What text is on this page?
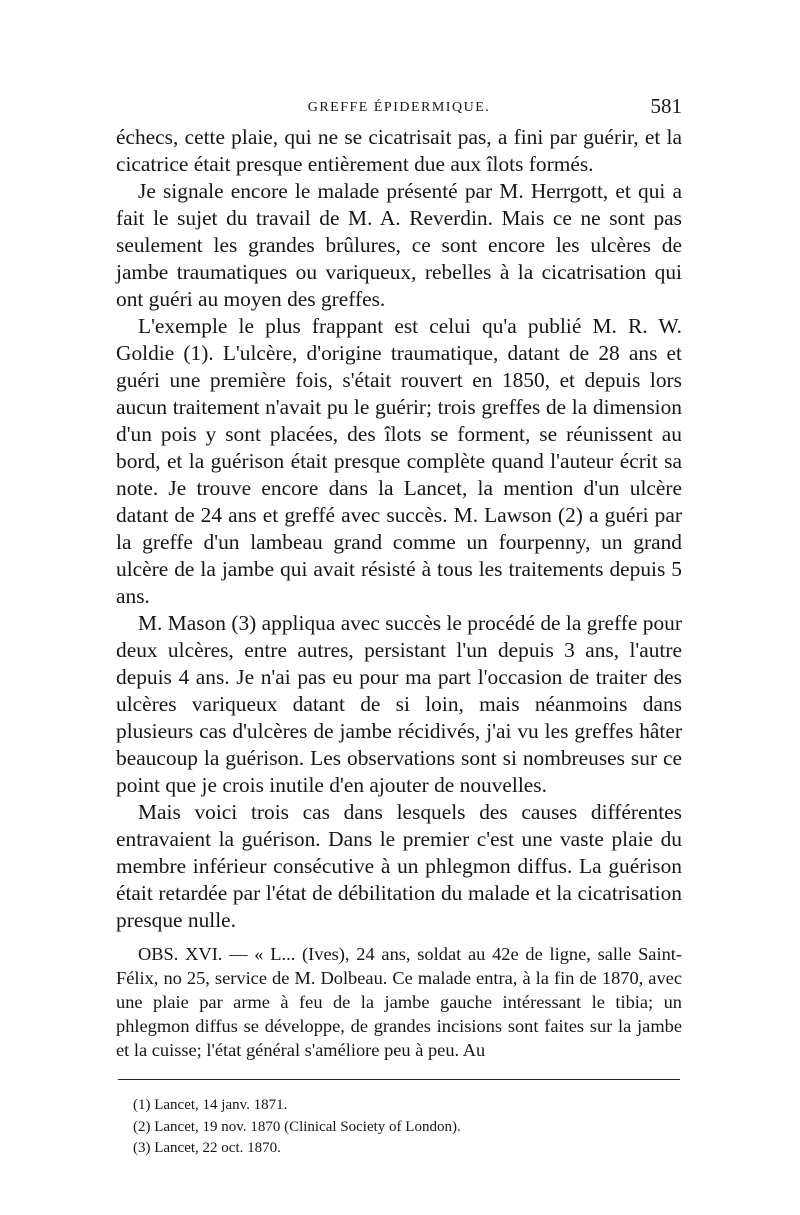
GREFFE ÉPIDERMIQUE.	581

échecs, cette plaie, qui ne se cicatrisait pas, a fini par guérir, et la cicatrice était presque entièrement due aux îlots formés.

Je signale encore le malade présenté par M. Herrgott, et qui a fait le sujet du travail de M. A. Reverdin. Mais ce ne sont pas seulement les grandes brûlures, ce sont encore les ulcères de jambe traumatiques ou variqueux, rebelles à la cicatrisation qui ont guéri au moyen des greffes.

L'exemple le plus frappant est celui qu'a publié M. R. W. Goldie (1). L'ulcère, d'origine traumatique, datant de 28 ans et guéri une première fois, s'était rouvert en 1850, et depuis lors aucun traitement n'avait pu le guérir; trois greffes de la dimension d'un pois y sont placées, des îlots se forment, se réunissent au bord, et la guérison était presque complète quand l'auteur écrit sa note. Je trouve encore dans la Lancet, la mention d'un ulcère datant de 24 ans et greffé avec succès. M. Lawson (2) a guéri par la greffe d'un lambeau grand comme un fourpenny, un grand ulcère de la jambe qui avait résisté à tous les traitements depuis 5 ans.

M. Mason (3) appliqua avec succès le procédé de la greffe pour deux ulcères, entre autres, persistant l'un depuis 3 ans, l'autre depuis 4 ans. Je n'ai pas eu pour ma part l'occasion de traiter des ulcères variqueux datant de si loin, mais néanmoins dans plusieurs cas d'ulcères de jambe récidivés, j'ai vu les greffes hâter beaucoup la guérison. Les observations sont si nombreuses sur ce point que je crois inutile d'en ajouter de nouvelles.

Mais voici trois cas dans lesquels des causes différentes entravaient la guérison. Dans le premier c'est une vaste plaie du membre inférieur consécutive à un phlegmon diffus. La guérison était retardée par l'état de débilitation du malade et la cicatrisation presque nulle.

OBS. XVI. — « L... (Ives), 24 ans, soldat au 42e de ligne, salle Saint-Félix, no 25, service de M. Dolbeau. Ce malade entra, à la fin de 1870, avec une plaie par arme à feu de la jambe gauche intéressant le tibia; un phlegmon diffus se développe, de grandes incisions sont faites sur la jambe et la cuisse; l'état général s'améliore peu à peu. Au

(1) Lancet, 14 janv. 1871.
(2) Lancet, 19 nov. 1870 (Clinical Society of London).
(3) Lancet, 22 oct. 1870.
